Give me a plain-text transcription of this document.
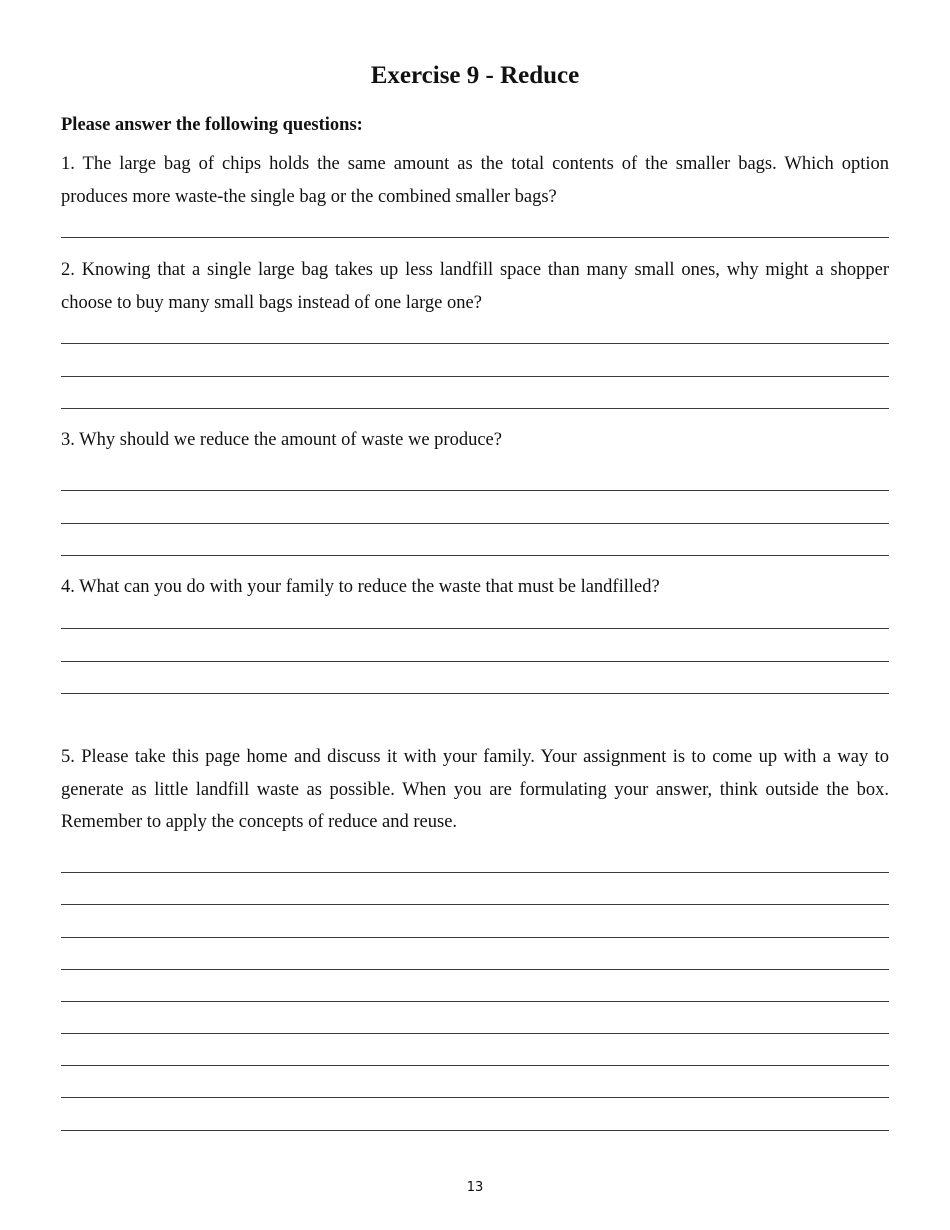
Exercise 9 - Reduce

Please answer the following questions:

1. The large bag of chips holds the same amount as the total contents of the smaller bags. Which option produces more waste-the single bag or the combined smaller bags?

2. Knowing that a single large bag takes up less landfill space than many small ones, why might a shopper choose to buy many small bags instead of one large one?

3. Why should we reduce the amount of waste we produce?

4. What can you do with your family to reduce the waste that must be landfilled?

5. Please take this page home and discuss it with your family. Your assignment is to come up with a way to generate as little landfill waste as possible. When you are formulating your answer, think outside the box. Remember to apply the concepts of reduce and reuse.

13
